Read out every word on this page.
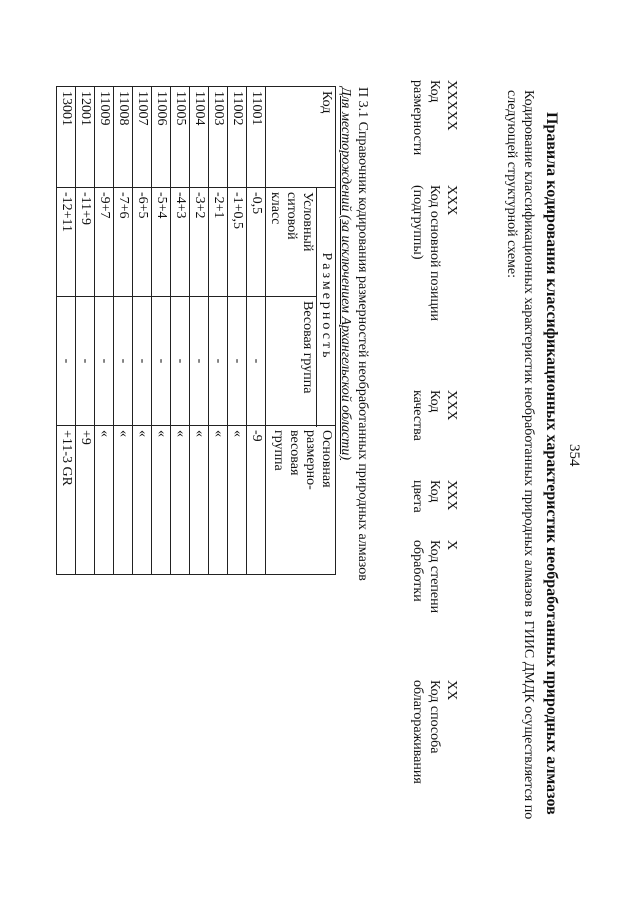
354
Правила кодирования классификационных характеристик необработанных природных алмазов
Кодирование классификационных характеристик необработанных природных алмазов в ГИИС ДМДК осуществляется по
следующей структурной схеме:
XXXXX
Код
размерности
XXX
Код основной позиции
(подгруппы)
XXX
Код
качества
XXX
Код
цвета
X
Код степени
обработки
XX
Код способа
облагораживания
П 3.1 Справочник кодирования размерностей необработанных природных алмазов
Для месторождений (за исключением Архангельской области)
Код	Размерность		Основная
размерно-
весовая
группа
	Условный
ситовой
класс	Весовая группа	
11001	-0,5	-	-9
11002	-1+0,5	-	«
11003	-2+1	-	«
11004	-3+2	-	«
11005	-4+3	-	«
11006	-5+4	-	«
11007	-6+5	-	«
11008	-7+6	-	«
11009	-9+7	-	«
12001	-11+9	-	+9
13001	-12+11	-	+11-3 GR
